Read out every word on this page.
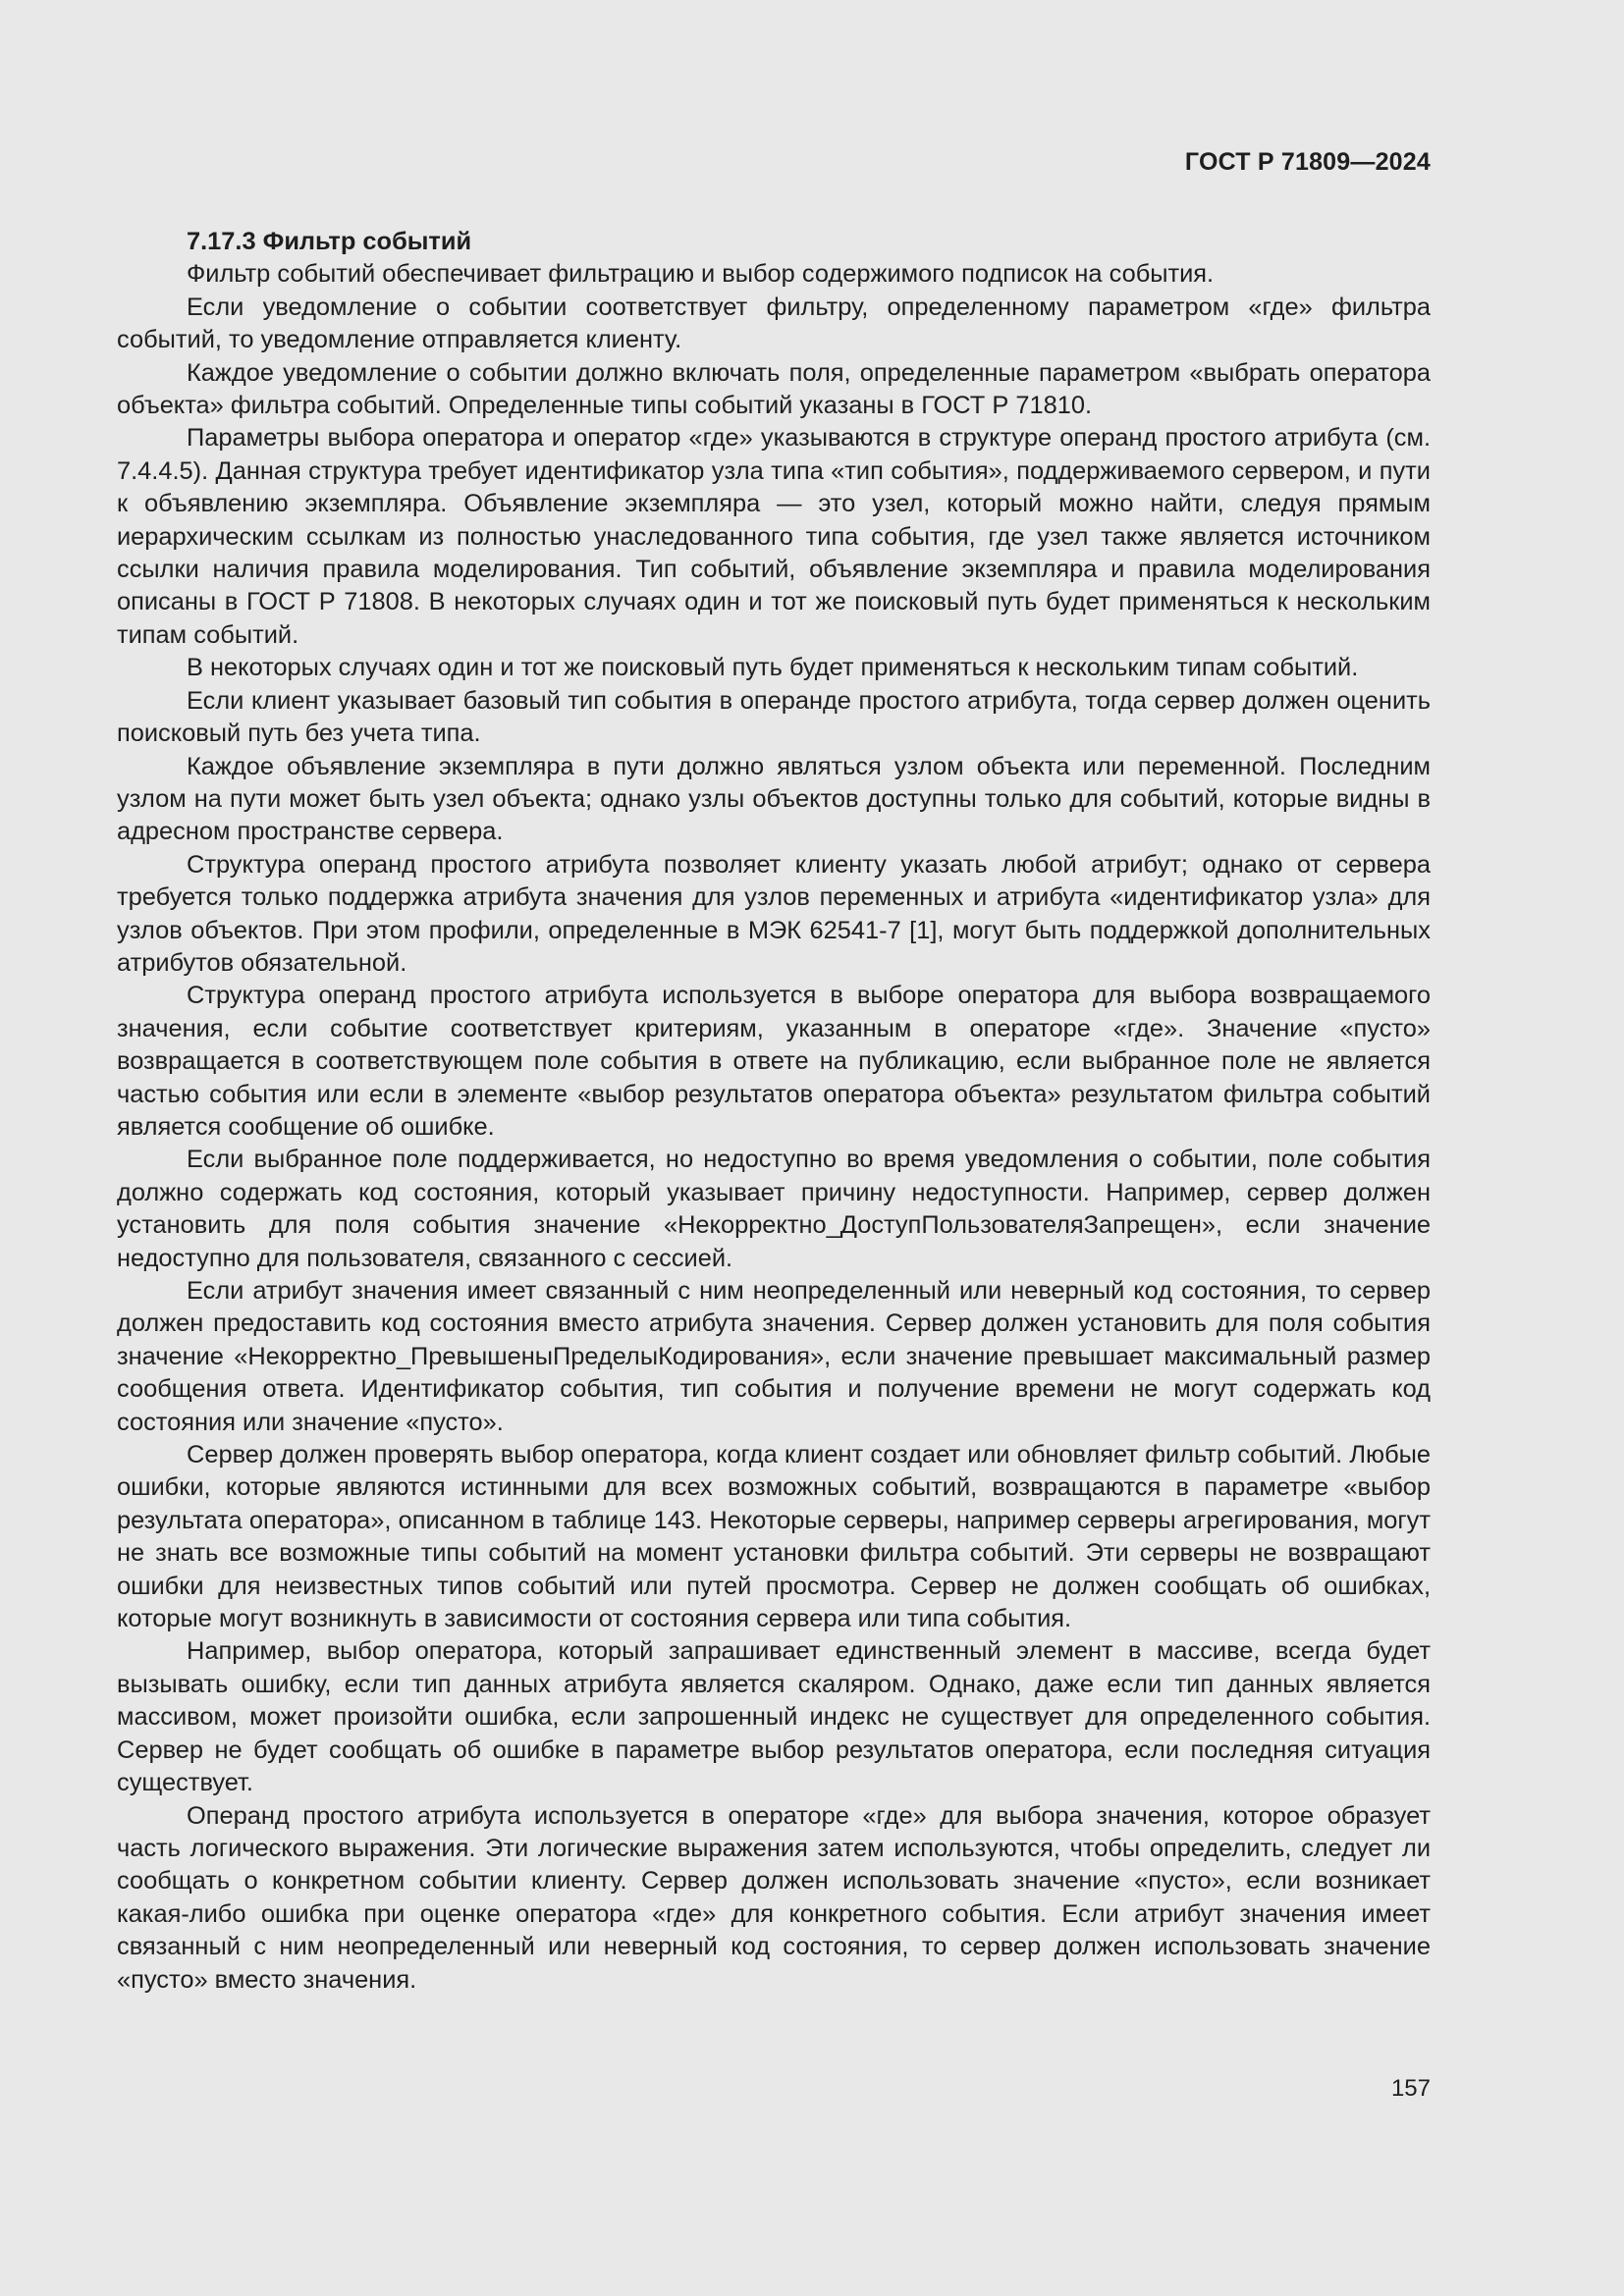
ГОСТ Р 71809—2024

7.17.3 Фильтр событий

Фильтр событий обеспечивает фильтрацию и выбор содержимого подписок на события.

Если уведомление о событии соответствует фильтру, определенному параметром «где» фильтра событий, то уведомление отправляется клиенту.

Каждое уведомление о событии должно включать поля, определенные параметром «выбрать оператора объекта» фильтра событий. Определенные типы событий указаны в ГОСТ Р 71810.

Параметры выбора оператора и оператор «где» указываются в структуре операнд простого атрибута (см. 7.4.4.5). Данная структура требует идентификатор узла типа «тип события», поддерживаемого сервером, и пути к объявлению экземпляра. Объявление экземпляра — это узел, который можно найти, следуя прямым иерархическим ссылкам из полностью унаследованного типа события, где узел также является источником ссылки наличия правила моделирования. Тип событий, объявление экземпляра и правила моделирования описаны в ГОСТ Р 71808. В некоторых случаях один и тот же поисковый путь будет применяться к нескольким типам событий.

В некоторых случаях один и тот же поисковый путь будет применяться к нескольким типам событий.

Если клиент указывает базовый тип события в операнде простого атрибута, тогда сервер должен оценить поисковый путь без учета типа.

Каждое объявление экземпляра в пути должно являться узлом объекта или переменной. Последним узлом на пути может быть узел объекта; однако узлы объектов доступны только для событий, которые видны в адресном пространстве сервера.

Структура операнд простого атрибута позволяет клиенту указать любой атрибут; однако от сервера требуется только поддержка атрибута значения для узлов переменных и атрибута «идентификатор узла» для узлов объектов. При этом профили, определенные в МЭК 62541-7 [1], могут быть поддержкой дополнительных атрибутов обязательной.

Структура операнд простого атрибута используется в выборе оператора для выбора возвращаемого значения, если событие соответствует критериям, указанным в операторе «где». Значение «пусто» возвращается в соответствующем поле события в ответе на публикацию, если выбранное поле не является частью события или если в элементе «выбор результатов оператора объекта» результатом фильтра событий является сообщение об ошибке.

Если выбранное поле поддерживается, но недоступно во время уведомления о событии, поле события должно содержать код состояния, который указывает причину недоступности. Например, сервер должен установить для поля события значение «Некорректно_ДоступПользователяЗапрещен», если значение недоступно для пользователя, связанного с сессией.

Если атрибут значения имеет связанный с ним неопределенный или неверный код состояния, то сервер должен предоставить код состояния вместо атрибута значения. Сервер должен установить для поля события значение «Некорректно_ПревышеныПределыКодирования», если значение превышает максимальный размер сообщения ответа. Идентификатор события, тип события и получение времени не могут содержать код состояния или значение «пусто».

Сервер должен проверять выбор оператора, когда клиент создает или обновляет фильтр событий. Любые ошибки, которые являются истинными для всех возможных событий, возвращаются в параметре «выбор результата оператора», описанном в таблице 143. Некоторые серверы, например серверы агрегирования, могут не знать все возможные типы событий на момент установки фильтра событий. Эти серверы не возвращают ошибки для неизвестных типов событий или путей просмотра. Сервер не должен сообщать об ошибках, которые могут возникнуть в зависимости от состояния сервера или типа события.

Например, выбор оператора, который запрашивает единственный элемент в массиве, всегда будет вызывать ошибку, если тип данных атрибута является скаляром. Однако, даже если тип данных является массивом, может произойти ошибка, если запрошенный индекс не существует для определенного события. Сервер не будет сообщать об ошибке в параметре выбор результатов оператора, если последняя ситуация существует.

Операнд простого атрибута используется в операторе «где» для выбора значения, которое образует часть логического выражения. Эти логические выражения затем используются, чтобы определить, следует ли сообщать о конкретном событии клиенту. Сервер должен использовать значение «пусто», если возникает какая-либо ошибка при оценке оператора «где» для конкретного события. Если атрибут значения имеет связанный с ним неопределенный или неверный код состояния, то сервер должен использовать значение «пусто» вместо значения.

157
